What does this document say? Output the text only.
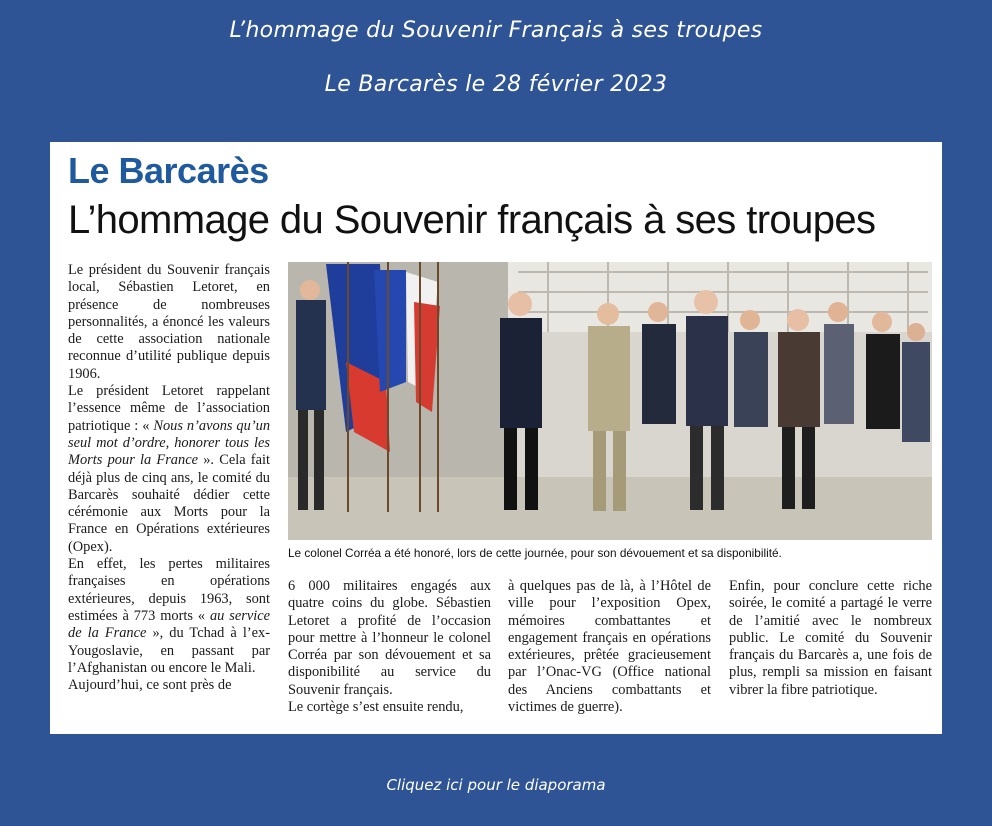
L’hommage du Souvenir Français à ses troupes
Le Barcarès le 28 février 2023
Le Barcarès
L’hommage du Souvenir français à ses troupes

Le président du Souvenir français local, Sébastien Letoret, en présence de nombreuses personnalités, a énoncé les valeurs de cette association nationale reconnue d’utilité publique depuis 1906.

Le président Letoret rappelant l’essence même de l’association patriotique : « Nous n’avons qu’un seul mot d’ordre, honorer tous les Morts pour la France ». Cela fait déjà plus de cinq ans, le comité du Barcarès souhaité dédier cette cérémonie aux Morts pour la France en Opérations extérieures (Opex).

En effet, les pertes militaires françaises en opérations extérieures, depuis 1963, sont estimées à 773 morts « au service de la France », du Tchad à l’ex-Yougoslavie, en passant par l’Afghanistan ou encore le Mali.

Aujourd’hui, ce sont près de

Le colonel Corréa a été honoré, lors de cette journée, pour son dévouement et sa disponibilité.

6 000 militaires engagés aux quatre coins du globe. Sébastien Letoret a profité de l’occasion pour mettre à l’honneur le colonel Corréa par son dévouement et sa disponibilité au service du Souvenir français.

Le cortège s’est ensuite rendu,

à quelques pas de là, à l’Hôtel de ville pour l’exposition Opex, mémoires combattantes et engagement français en opérations extérieures, prêtée gracieusement par l’Onac-VG (Office national des Anciens combattants et victimes de guerre).

Enfin, pour conclure cette riche soirée, le comité a partagé le verre de l’amitié avec le nombreux public. Le comité du Souvenir français du Barcarès a, une fois de plus, rempli sa mission en faisant vibrer la fibre patriotique.

Cliquez ici pour le diaporama
